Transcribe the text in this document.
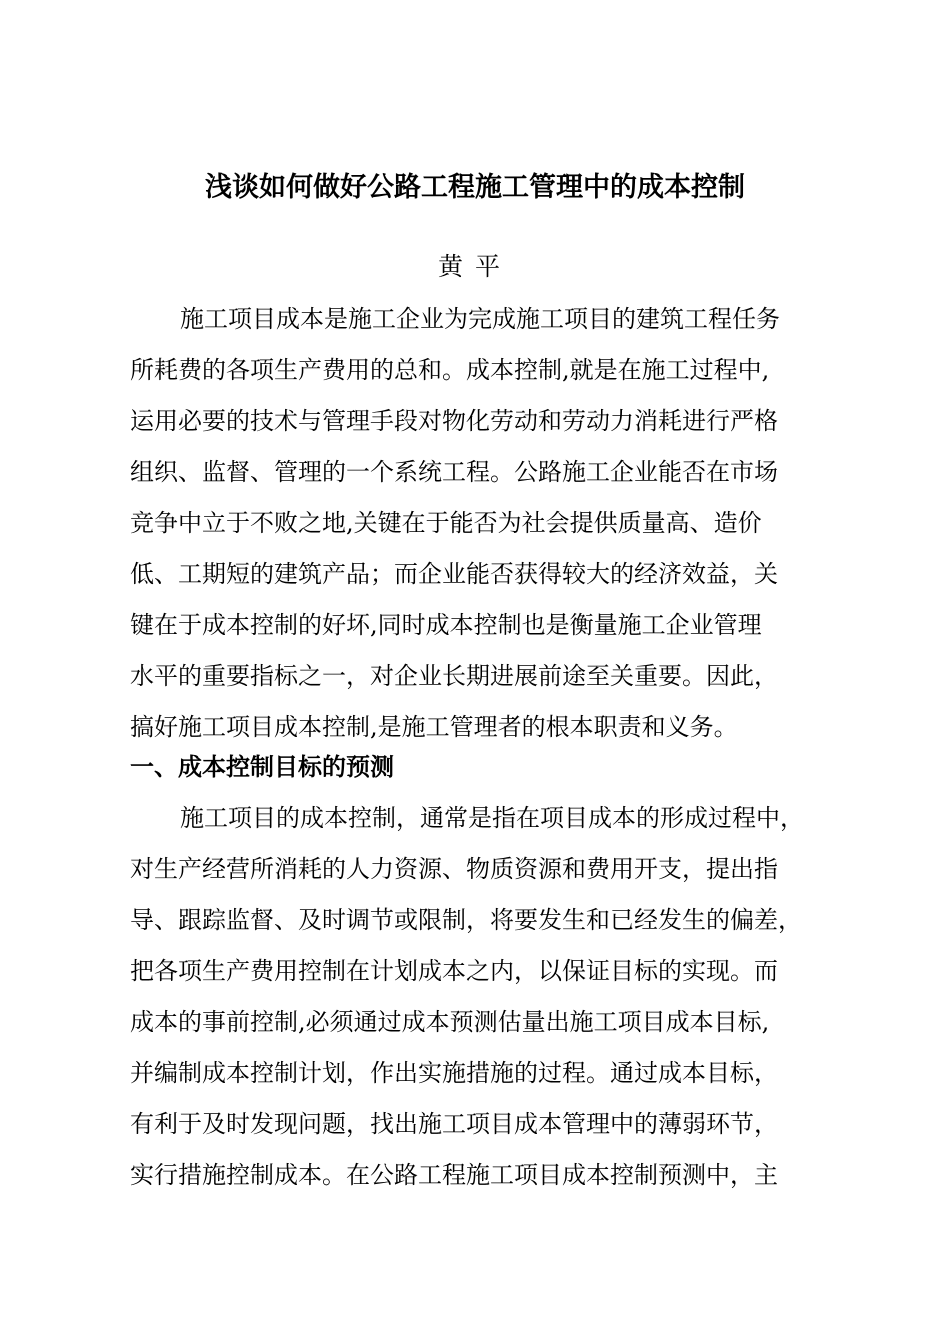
浅谈如何做好公路工程施工管理中的成本控制

黄平

施工项目成本是施工企业为完成施工项目的建筑工程任务
所耗费的各项生产费用的总和。成本控制,就是在施工过程中,
运用必要的技术与管理手段对物化劳动和劳动力消耗进行严格
组织、监督、管理的一个系统工程。公路施工企业能否在市场
竞争中立于不败之地,关键在于能否为社会提供质量高、造价
低、工期短的建筑产品；而企业能否获得较大的经济效益，关
键在于成本控制的好坏,同时成本控制也是衡量施工企业管理
水平的重要指标之一，对企业长期进展前途至关重要。因此，
搞好施工项目成本控制,是施工管理者的根本职责和义务。
一、成本控制目标的预测
施工项目的成本控制，通常是指在项目成本的形成过程中，
对生产经营所消耗的人力资源、物质资源和费用开支，提出指
导、跟踪监督、及时调节或限制，将要发生和已经发生的偏差，
把各项生产费用控制在计划成本之内，以保证目标的实现。而
成本的事前控制,必须通过成本预测估量出施工项目成本目标,
并编制成本控制计划，作出实施措施的过程。通过成本目标，
有利于及时发现问题，找出施工项目成本管理中的薄弱环节，
实行措施控制成本。在公路工程施工项目成本控制预测中，主
